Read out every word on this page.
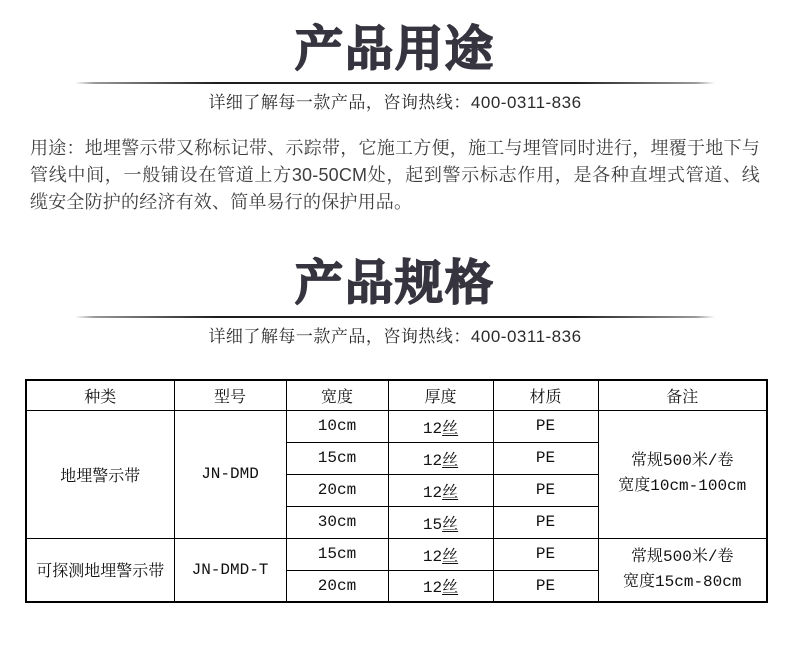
产品用途
详细了解每一款产品，咨询热线：400-0311-836
用途：地埋警示带又称标记带、示踪带，它施工方便，施工与埋管同时进行，埋覆于地下与管线中间，一般铺设在管道上方30-50CM处，起到警示标志作用，是各种直埋式管道、线缆安全防护的经济有效、简单易行的保护用品。
产品规格
详细了解每一款产品，咨询热线：400-0311-836
种类	型号	宽度	厚度	材质	备注
地埋警示带	JN-DMD	10cm	12丝	PE	常规500米/卷
宽度10cm-100cm

		15cm	12丝	PE	
		20cm	12丝	PE	
		30cm	15丝	PE	
可探测地埋警示带	JN-DMD-T	15cm	12丝	PE	常规500米/卷
宽度15cm-80cm

		20cm	12丝	PE	
